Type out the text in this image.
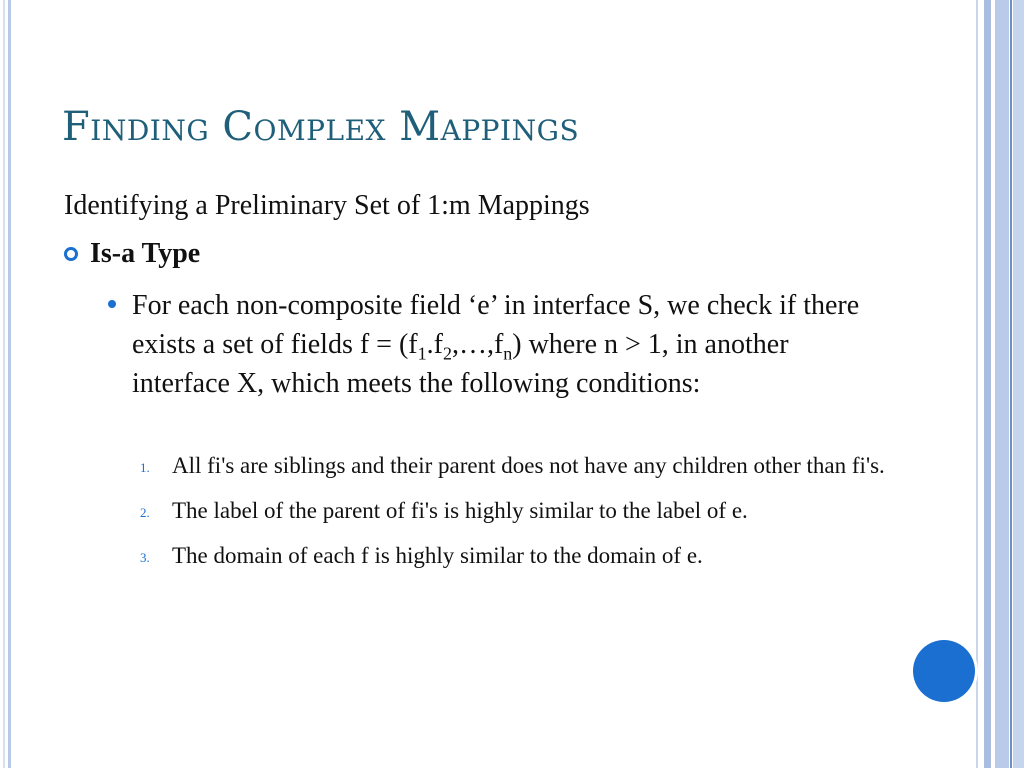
Finding Complex Mappings
Identifying a Preliminary Set of 1:m Mappings
Is-a Type
For each non-composite field ‘e’ in interface S, we check if there exists a set of fields $f = (f_1.f_2,\dots,f_n)$ where n > 1, in another interface X, which meets the following conditions:
1. All fi's are siblings and their parent does not have any children other than fi's.
2. The label of the parent of fi's is highly similar to the label of e.
3. The domain of each f is highly similar to the domain of e.
